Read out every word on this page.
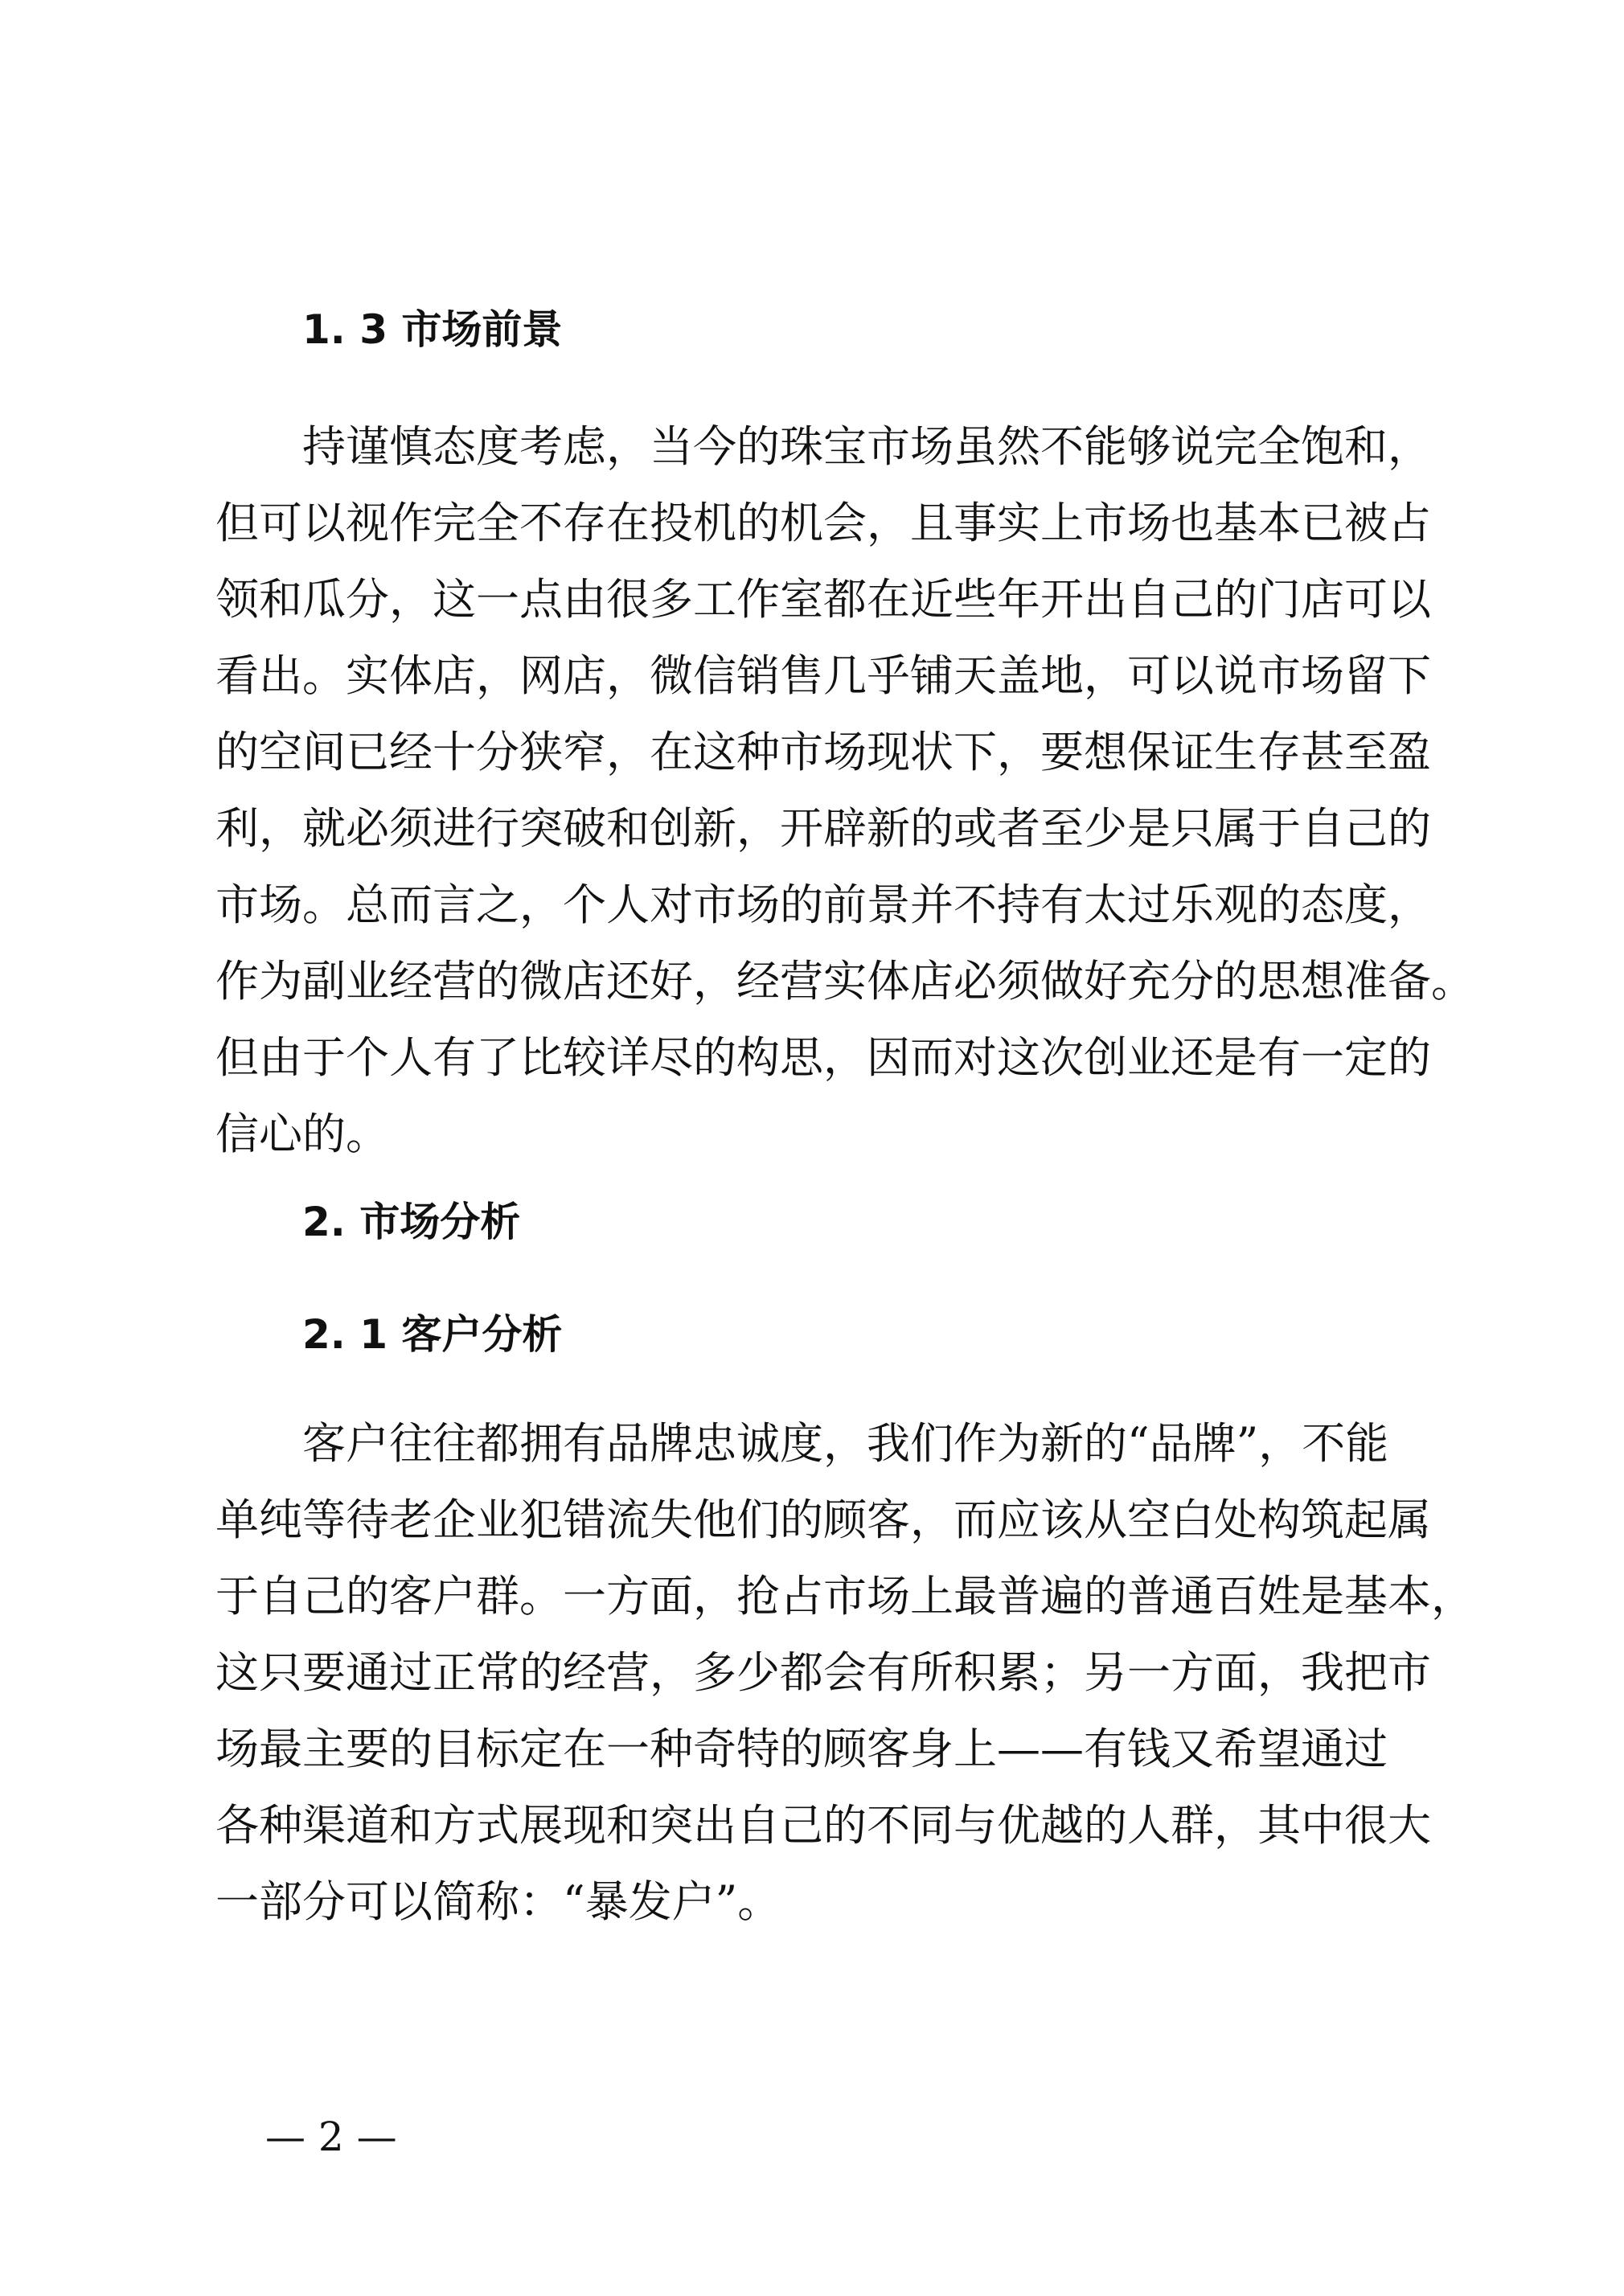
1. 3 市场前景
持谨慎态度考虑，当今的珠宝市场虽然不能够说完全饱和，
但可以视作完全不存在投机的机会，且事实上市场也基本已被占
领和瓜分，这一点由很多工作室都在近些年开出自己的门店可以
看出。实体店，网店，微信销售几乎铺天盖地，可以说市场留下
的空间已经十分狭窄，在这种市场现状下，要想保证生存甚至盈
利，就必须进行突破和创新，开辟新的或者至少是只属于自己的
市场。总而言之，个人对市场的前景并不持有太过乐观的态度，
作为副业经营的微店还好，经营实体店必须做好充分的思想准备。
但由于个人有了比较详尽的构思，因而对这次创业还是有一定的
信心的。
2. 市场分析
2. 1 客户分析
客户往往都拥有品牌忠诚度，我们作为新的“品牌”，不能
单纯等待老企业犯错流失他们的顾客，而应该从空白处构筑起属
于自己的客户群。一方面，抢占市场上最普遍的普通百姓是基本，
这只要通过正常的经营，多少都会有所积累；另一方面，我把市
场最主要的目标定在一种奇特的顾客身上——有钱又希望通过
各种渠道和方式展现和突出自己的不同与优越的人群，其中很大
一部分可以简称：“暴发户”。
— 2 —
